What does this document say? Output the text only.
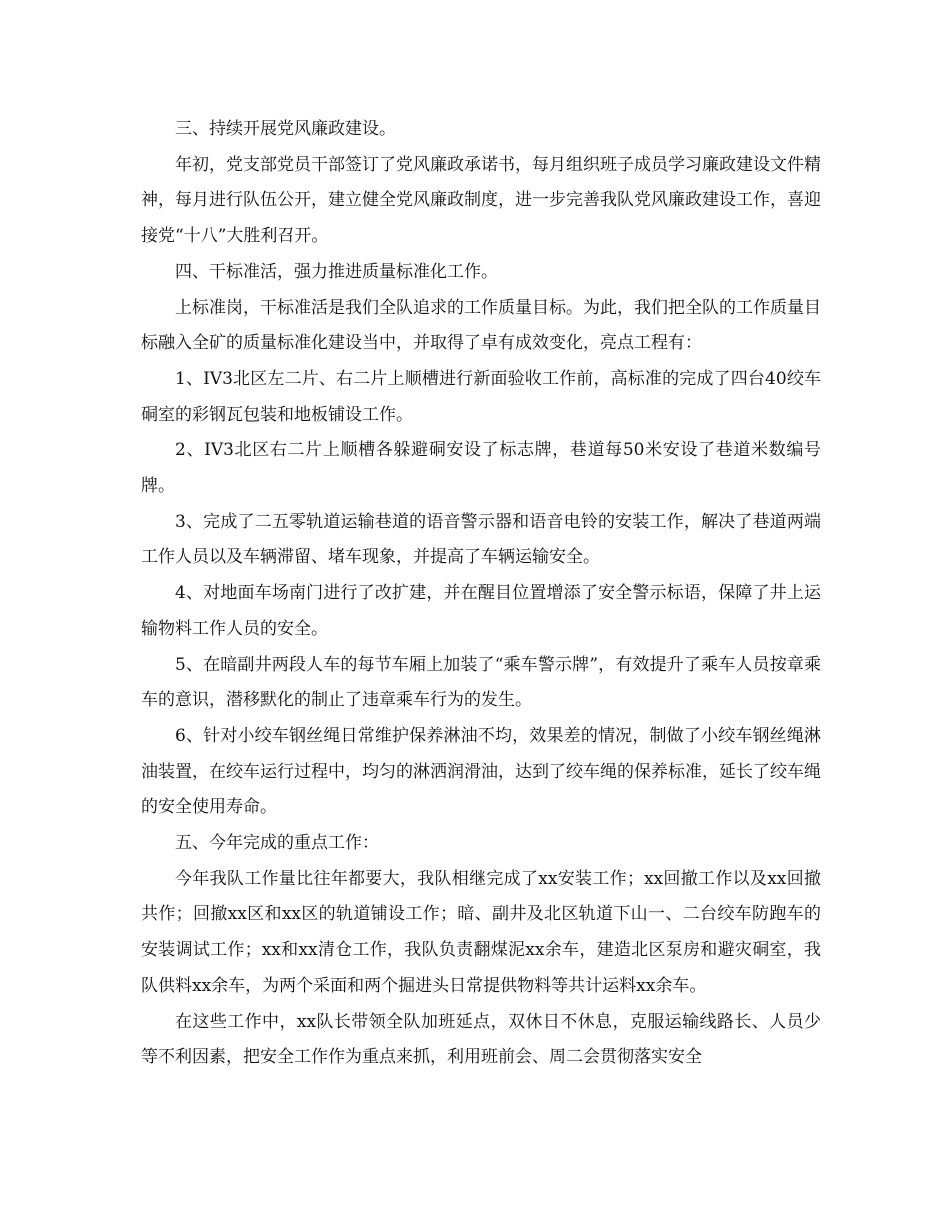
三、持续开展党风廉政建设。

年初，党支部党员干部签订了党风廉政承诺书，每月组织班子成员学习廉政建设文件精神，每月进行队伍公开，建立健全党风廉政制度，进一步完善我队党风廉政建设工作，喜迎接党“十八”大胜利召开。

四、干标准活，强力推进质量标准化工作。

上标准岗，干标准活是我们全队追求的工作质量目标。为此，我们把全队的工作质量目标融入全矿的质量标准化建设当中，并取得了卓有成效变化，亮点工程有：

1、IV3北区左二片、右二片上顺槽进行新面验收工作前，高标准的完成了四台40绞车硐室的彩钢瓦包装和地板铺设工作。

2、IV3北区右二片上顺槽各躲避硐安设了标志牌，巷道每50米安设了巷道米数编号牌。

3、完成了二五零轨道运输巷道的语音警示器和语音电铃的安装工作，解决了巷道两端工作人员以及车辆滞留、堵车现象，并提高了车辆运输安全。

4、对地面车场南门进行了改扩建，并在醒目位置增添了安全警示标语，保障了井上运输物料工作人员的安全。

5、在暗副井两段人车的每节车厢上加装了“乘车警示牌”，有效提升了乘车人员按章乘车的意识，潜移默化的制止了违章乘车行为的发生。

6、针对小绞车钢丝绳日常维护保养淋油不均，效果差的情况，制做了小绞车钢丝绳淋油装置，在绞车运行过程中，均匀的淋洒润滑油，达到了绞车绳的保养标准，延长了绞车绳的安全使用寿命。

五、今年完成的重点工作：

今年我队工作量比往年都要大，我队相继完成了xx安装工作；xx回撤工作以及xx回撤共作；回撤xx区和xx区的轨道铺设工作；暗、副井及北区轨道下山一、二台绞车防跑车的安装调试工作；xx和xx清仓工作，我队负责翻煤泥xx余车，建造北区泵房和避灾硐室，我队供料xx余车，为两个采面和两个掘进头日常提供物料等共计运料xx余车。

在这些工作中，xx队长带领全队加班延点，双休日不休息，克服运输线路长、人员少等不利因素，把安全工作作为重点来抓，利用班前会、周二会贯彻落实安全
